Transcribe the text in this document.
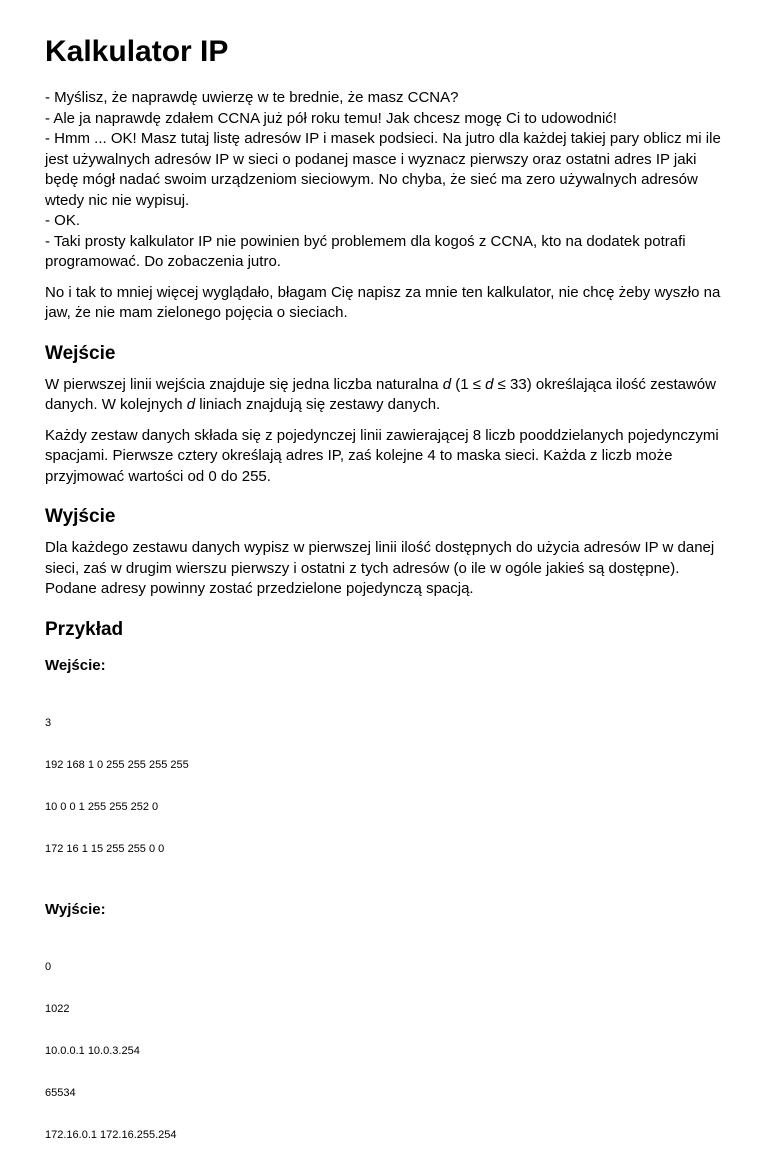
Kalkulator IP

- Myślisz, że naprawdę uwierzę w te brednie, że masz CCNA?

- Ale ja naprawdę zdałem CCNA już pół roku temu! Jak chcesz mogę Ci to udowodnić!

- Hmm ... OK! Masz tutaj listę adresów IP i masek podsieci. Na jutro dla każdej takiej pary oblicz mi ile jest używalnych adresów IP w sieci o podanej masce i wyznacz pierwszy oraz ostatni adres IP jaki będę mógł nadać swoim urządzeniom sieciowym. No chyba, że sieć ma zero używalnych adresów wtedy nic nie wypisuj.

- OK.

- Taki prosty kalkulator IP nie powinien być problemem dla kogoś z CCNA, kto na dodatek potrafi programować. Do zobaczenia jutro.

No i tak to mniej więcej wyglądało, błagam Cię napisz za mnie ten kalkulator, nie chcę żeby wyszło na jaw, że nie mam zielonego pojęcia o sieciach.

Wejście

W pierwszej linii wejścia znajduje się jedna liczba naturalna d (1 ≤ d ≤ 33) określająca ilość zestawów danych. W kolejnych d liniach znajdują się zestawy danych.

Każdy zestaw danych składa się z pojedynczej linii zawierającej 8 liczb pooddzielanych pojedynczymi spacjami. Pierwsze cztery określają adres IP, zaś kolejne 4 to maska sieci. Każda z liczb może przyjmować wartości od 0 do 255.

Wyjście

Dla każdego zestawu danych wypisz w pierwszej linii ilość dostępnych do użycia adresów IP w danej sieci, zaś w drugim wierszu pierwszy i ostatni z tych adresów (o ile w ogóle jakieś są dostępne). Podane adresy powinny zostać przedzielone pojedynczą spacją.

Przykład
Wejście:

3

192 168 1 0 255 255 255 255

10 0 0 1 255 255 252 0

172 16 1 15 255 255 0 0

Wyjście:

0

1022

10.0.0.1 10.0.3.254

65534

172.16.0.1 172.16.255.254
